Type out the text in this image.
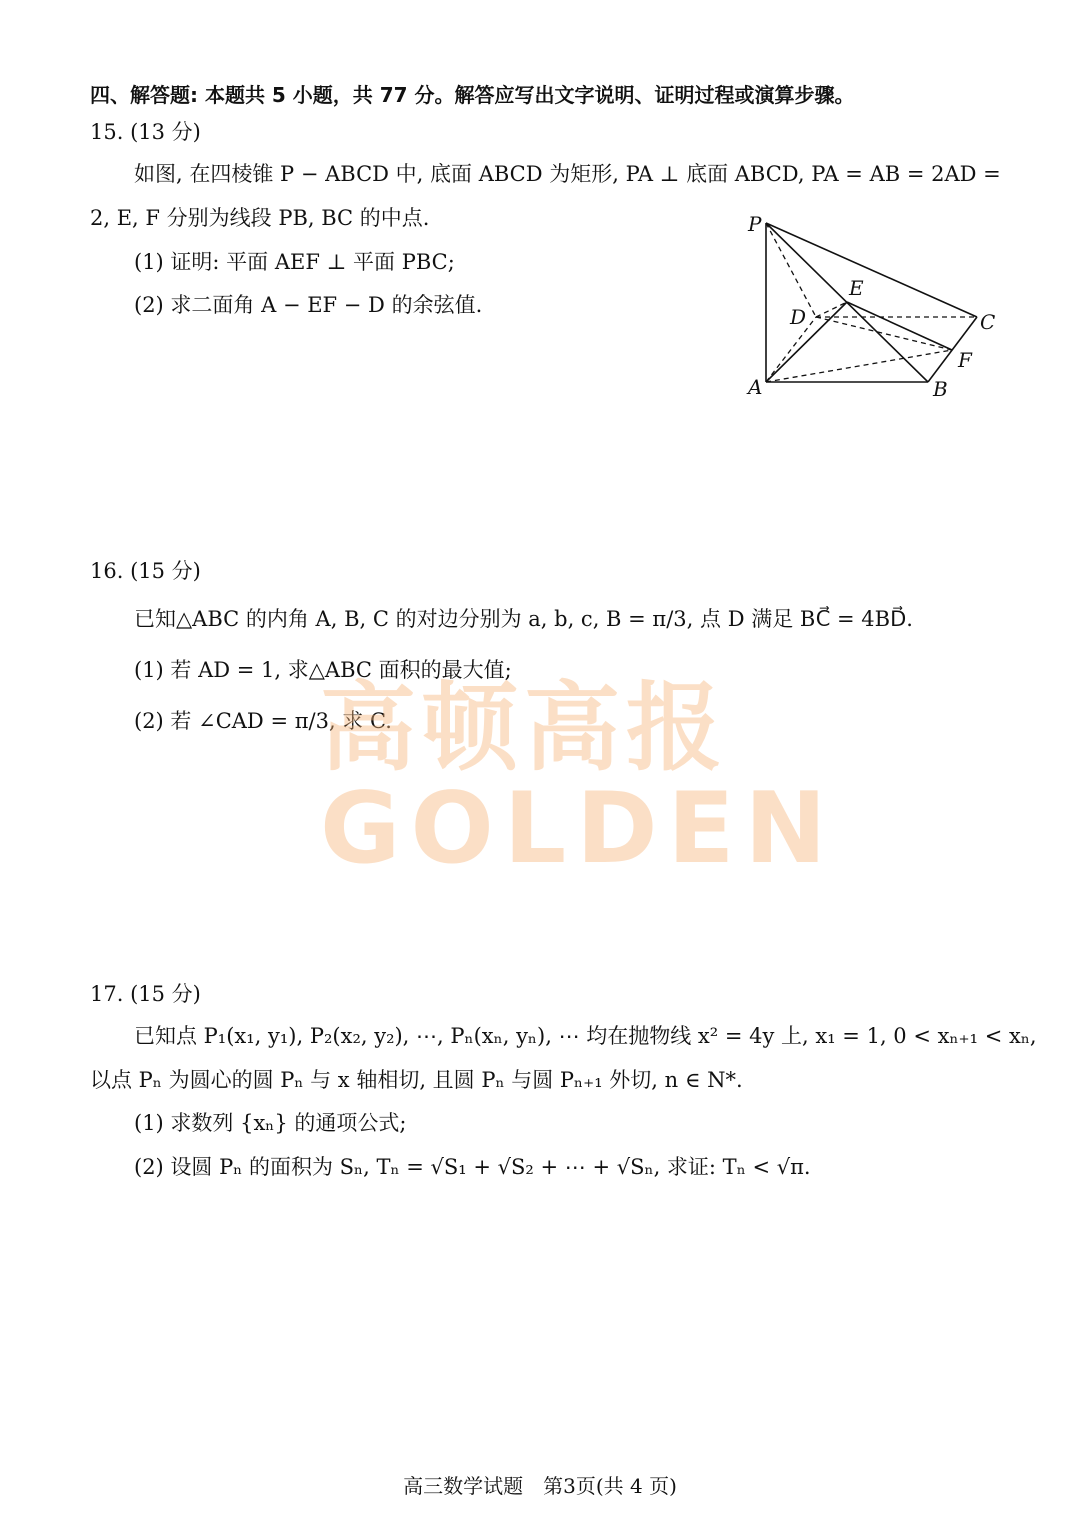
四、解答题: 本题共 5 小题，共 77 分。解答应写出文字说明、证明过程或演算步骤。
15. (13 分)
如图, 在四棱锥 P − ABCD 中, 底面 ABCD 为矩形, PA ⊥ 底面 ABCD, PA = AB = 2AD =
2, E, F 分别为线段 PB, BC 的中点.
(1) 证明: 平面 AEF ⊥ 平面 PBC;
(2) 求二面角 A − EF − D 的余弦值.
P
E
D	C
F
A	B
16. (15 分)
已知△ABC 的内角 A, B, C 的对边分别为 a, b, c, B = π/3, 点 D 满足 BC⃗ = 4BD⃗.
(1) 若 AD = 1, 求△ABC 面积的最大值;
(2) 若 ∠CAD = π/3, 求 C.
高顿高报
GOLDEN
17. (15 分)
已知点 P₁(x₁, y₁), P₂(x₂, y₂), ⋯, Pₙ(xₙ, yₙ), ⋯ 均在抛物线 x² = 4y 上, x₁ = 1, 0 < xₙ₊₁ < xₙ,
以点 Pₙ 为圆心的圆 Pₙ 与 x 轴相切, 且圆 Pₙ 与圆 Pₙ₊₁ 外切, n ∈ N*.
(1) 求数列 {xₙ} 的通项公式;
(2) 设圆 Pₙ 的面积为 Sₙ, Tₙ = √S₁ + √S₂ + ⋯ + √Sₙ, 求证: Tₙ < √π.
高三数学试题　第3页(共 4 页)
